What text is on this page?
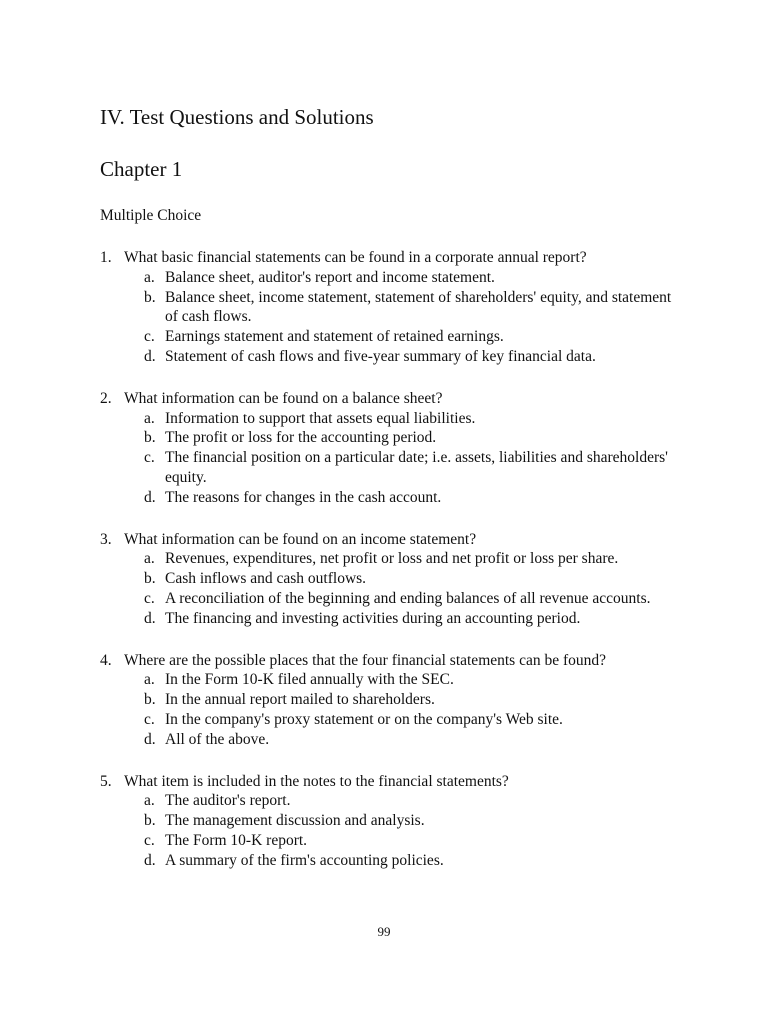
IV. Test Questions and Solutions
Chapter 1
Multiple Choice
1. What basic financial statements can be found in a corporate annual report?
a. Balance sheet, auditor's report and income statement.
b. Balance sheet, income statement, statement of shareholders' equity, and statement of cash flows.
c. Earnings statement and statement of retained earnings.
d. Statement of cash flows and five-year summary of key financial data.
2. What information can be found on a balance sheet?
a. Information to support that assets equal liabilities.
b. The profit or loss for the accounting period.
c. The financial position on a particular date; i.e. assets, liabilities and shareholders' equity.
d. The reasons for changes in the cash account.
3. What information can be found on an income statement?
a. Revenues, expenditures, net profit or loss and net profit or loss per share.
b. Cash inflows and cash outflows.
c. A reconciliation of the beginning and ending balances of all revenue accounts.
d. The financing and investing activities during an accounting period.
4. Where are the possible places that the four financial statements can be found?
a. In the Form 10-K filed annually with the SEC.
b. In the annual report mailed to shareholders.
c. In the company's proxy statement or on the company's Web site.
d. All of the above.
5. What item is included in the notes to the financial statements?
a. The auditor's report.
b. The management discussion and analysis.
c. The Form 10-K report.
d. A summary of the firm's accounting policies.
99
